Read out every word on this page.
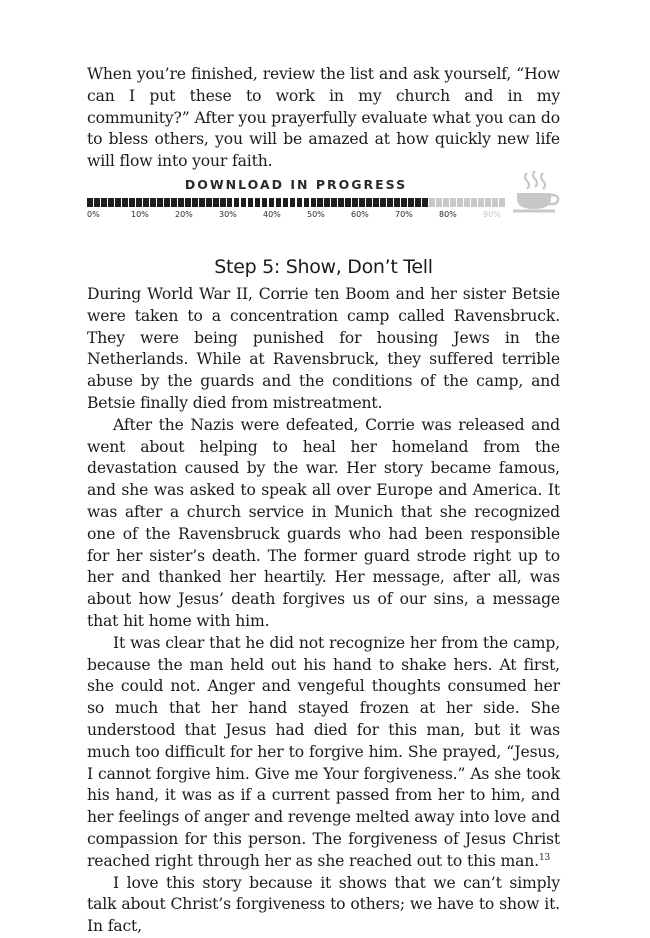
When you’re finished, review the list and ask yourself, “How can I put these to work in my church and in my community?” After you prayerfully evaluate what you can do to bless others, you will be amazed at how quickly new life will flow into your faith.

DOWNLOAD IN PROGRESS
0%	10%	20%	30%	40%	50%	60%	70%	80%	90%
Step 5: Show, Don’t Tell

During World War II, Corrie ten Boom and her sister Betsie were taken to a concentration camp called Ravensbruck. They were being punished for housing Jews in the Netherlands. While at Ravensbruck, they suffered terrible abuse by the guards and the conditions of the camp, and Betsie finally died from mistreatment.

After the Nazis were defeated, Corrie was released and went about helping to heal her homeland from the devastation caused by the war. Her story became famous, and she was asked to speak all over Europe and America. It was after a church service in Munich that she recognized one of the Ravensbruck guards who had been responsible for her sister’s death. The former guard strode right up to her and thanked her heartily. Her message, after all, was about how Jesus’ death forgives us of our sins, a message that hit home with him.

It was clear that he did not recognize her from the camp, because the man held out his hand to shake hers. At first, she could not. Anger and vengeful thoughts consumed her so much that her hand stayed frozen at her side. She understood that Jesus had died for this man, but it was much too difficult for her to forgive him. She prayed, “Jesus, I cannot forgive him. Give me Your forgiveness.” As she took his hand, it was as if a current passed from her to him, and her feelings of anger and revenge melted away into love and compassion for this person. The forgiveness of Jesus Christ reached right through her as she reached out to this man.$^{13}$

I love this story because it shows that we can’t simply talk about Christ’s forgiveness to others; we have to show it. In fact,
